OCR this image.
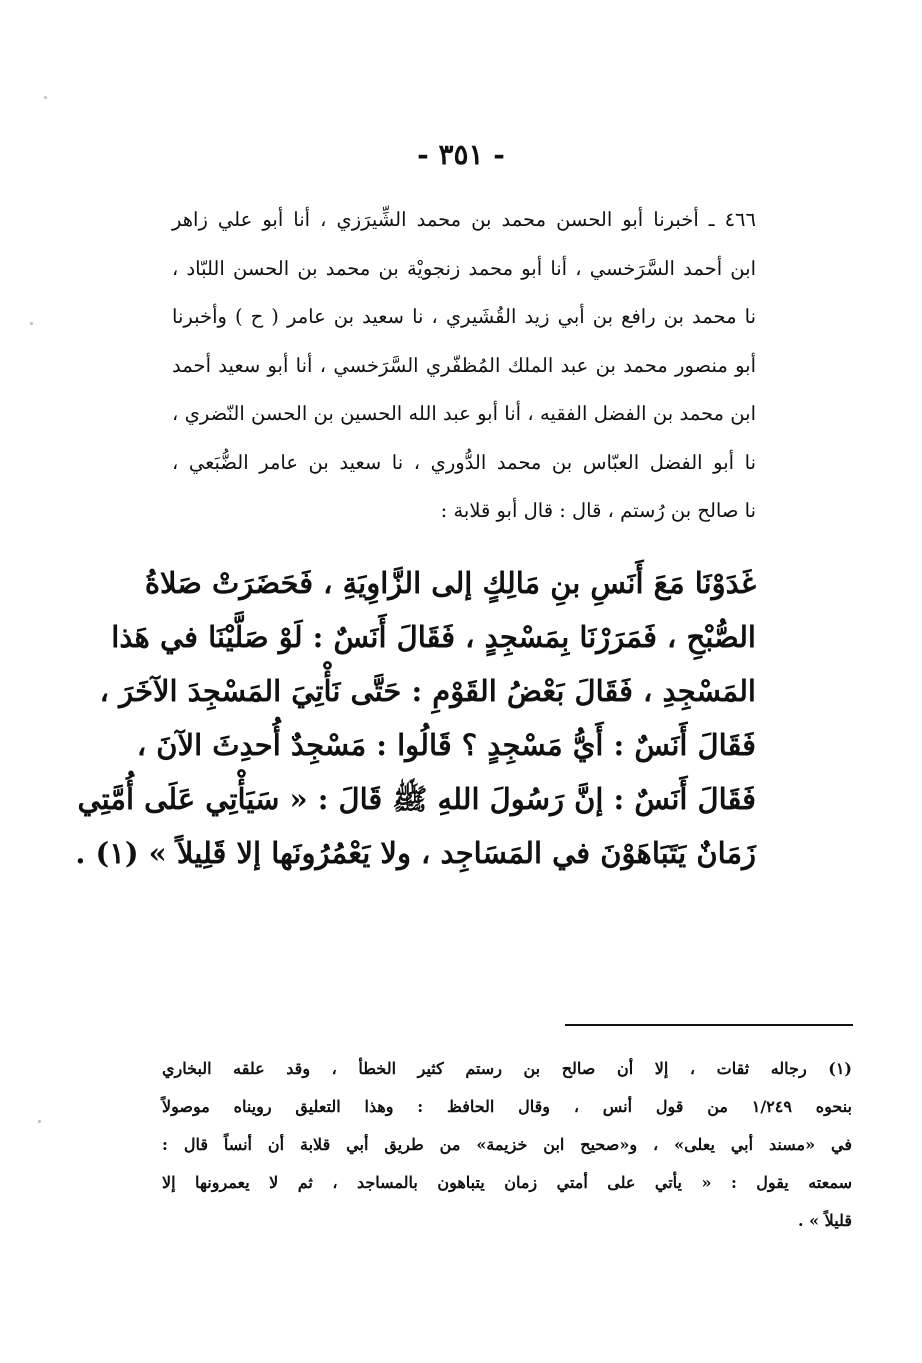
- ٣٥١ -
٤٦٦ ـ أخبرنا أبو الحسن محمد بن محمد الشِّيرَزي ، أنا أبو علي زاهر
ابن أحمد السَّرَخسي ، أنا أبو محمد زنجويْة بن محمد بن الحسن اللبّاد ،
نا محمد بن رافع بن أبي زيد القُشَيري ، نا سعيد بن عامر ( ح ) وأخبرنا
أبو منصور محمد بن عبد الملك المُظفّري السَّرَخسي ، أنا أبو سعيد أحمد
ابن محمد بن الفضل الفقيه ، أنا أبو عبد الله الحسين بن الحسن النّضري ،
نا أبو الفضل العبّاس بن محمد الدُّوري ، نا سعيد بن عامر الضُّبَعي ،
نا صالح بن رُستم ، قال : قال أبو قلابة :
غَدَوْنَا مَعَ أَنَسِ بنِ مَالِكٍ إلى الزَّاوِيَةِ ، فَحَضَرَتْ صَلاةُ
الصُّبْحِ ، فَمَرَرْنَا بِمَسْجِدٍ ، فَقَالَ أَنَسٌ : لَوْ صَلَّيْنَا في هَذا
المَسْجِدِ ، فَقَالَ بَعْضُ القَوْمِ : حَتَّى نَأْتِيَ المَسْجِدَ الآخَرَ ،
فَقَالَ أَنَسٌ : أَيُّ مَسْجِدٍ ؟ قَالُوا : مَسْجِدٌ أُحدِثَ الآنَ ،
فَقَالَ أَنَسٌ : إنَّ رَسُولَ اللهِ ﷺ قَالَ : « سَيَأْتِي عَلَى أُمَّتِي
زَمَانٌ يَتَبَاهَوْنَ في المَسَاجِد ، ولا يَعْمُرُونَها إلا قَلِيلاً » (١) .
(١) رجاله ثقات ، إلا أن صالح بن رستم كثير الخطأ ، وقد علقه البخاري
بنحوه ١/٢٤٩ من قول أنس ، وقال الحافظ : وهذا التعليق رويناه موصولاً
في «مسند أبي يعلى» ، و«صحيح ابن خزيمة» من طريق أبي قلابة أن أنساً قال :
سمعته يقول : « يأتي على أمتي زمان يتباهون بالمساجد ، ثم لا يعمرونها إلا
قليلاً » .
